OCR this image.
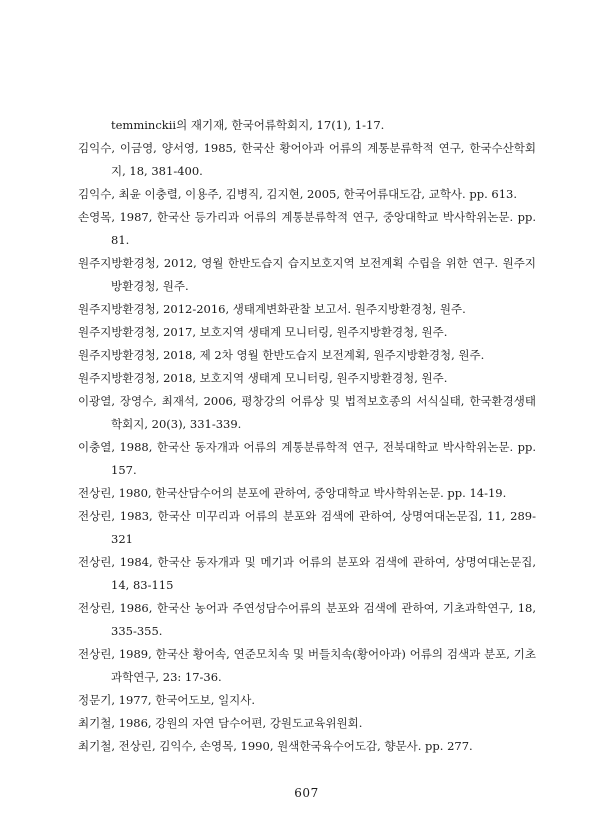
temminckii의 재기재, 한국어류학회지, 17(1), 1-17.
김익수, 이금영, 양서영, 1985, 한국산 황어아과 어류의 계통분류학적 연구, 한국수산학회지, 18, 381-400.
김익수, 최윤 이충렬, 이용주, 김병직, 김지현, 2005, 한국어류대도감, 교학사. pp. 613.
손영목, 1987, 한국산 등가리과 어류의 계통분류학적 연구, 중앙대학교 박사학위논문. pp. 81.
원주지방환경청, 2012, 영월 한반도습지 습지보호지역 보전계획 수립을 위한 연구. 원주지방환경청, 원주.
원주지방환경청, 2012-2016, 생태계변화관찰 보고서. 원주지방환경청, 원주.
원주지방환경청, 2017, 보호지역 생태계 모니터링, 원주지방환경청, 원주.
원주지방환경청, 2018, 제 2차 영월 한반도습지 보전계획, 원주지방환경청, 원주.
원주지방환경청, 2018, 보호지역 생태계 모니터링, 원주지방환경청, 원주.
이광열, 장영수, 최재석, 2006, 평창강의 어류상 및 법적보호종의 서식실태, 한국환경생태학회지, 20(3), 331-339.
이충열, 1988, 한국산 동자개과 어류의 계통분류학적 연구, 전북대학교 박사학위논문. pp. 157.
전상린, 1980, 한국산담수어의 분포에 관하여, 중앙대학교 박사학위논문. pp. 14-19.
전상린, 1983, 한국산 미꾸리과 어류의 분포와 검색에 관하여, 상명여대논문집, 11, 289-321
전상린, 1984, 한국산 동자개과 및 메기과 어류의 분포와 검색에 관하여, 상명여대논문집, 14, 83-115
전상린, 1986, 한국산 농어과 주연성담수어류의 분포와 검색에 관하여, 기초과학연구, 18, 335-355.
전상린, 1989, 한국산 황어속, 연준모치속 및 버들치속(황어아과) 어류의 검색과 분포, 기초과학연구, 23: 17-36.
정문기, 1977, 한국어도보, 일지사.
최기철, 1986, 강원의 자연 담수어편, 강원도교육위원회.
최기철, 전상린, 김익수, 손영목, 1990, 원색한국육수어도감, 향문사. pp. 277.
607
